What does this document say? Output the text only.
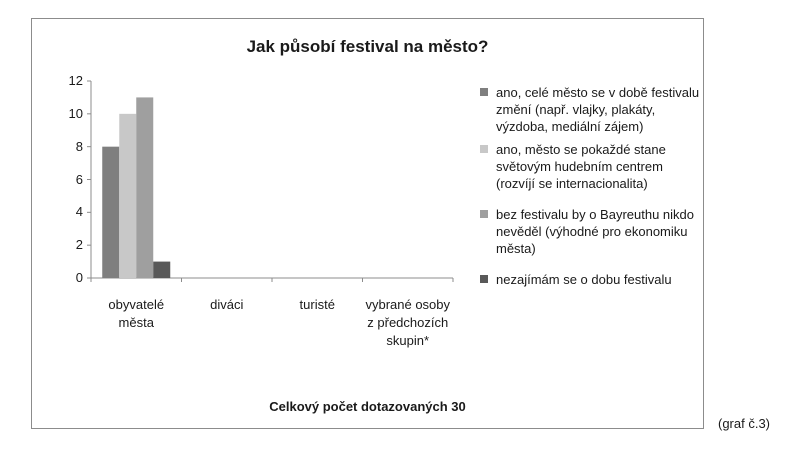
Jak působí festival na město?
0
2
4
6
8
10
12
obyvatelé města
diváci	turisté	vybrané osoby z předchozích skupin*
ano, celé město se v době festivalu změní (např. vlajky, plakáty, výzdoba, mediální zájem)
ano, město se pokaždé stane světovým hudebním centrem (rozvíjí se internacionalita)
bez festivalu by o Bayreuthu nikdo nevěděl (výhodné pro ekonomiku města)
nezajímám se o dobu festivalu
Celkový počet dotazovaných 30
(graf č.3)
